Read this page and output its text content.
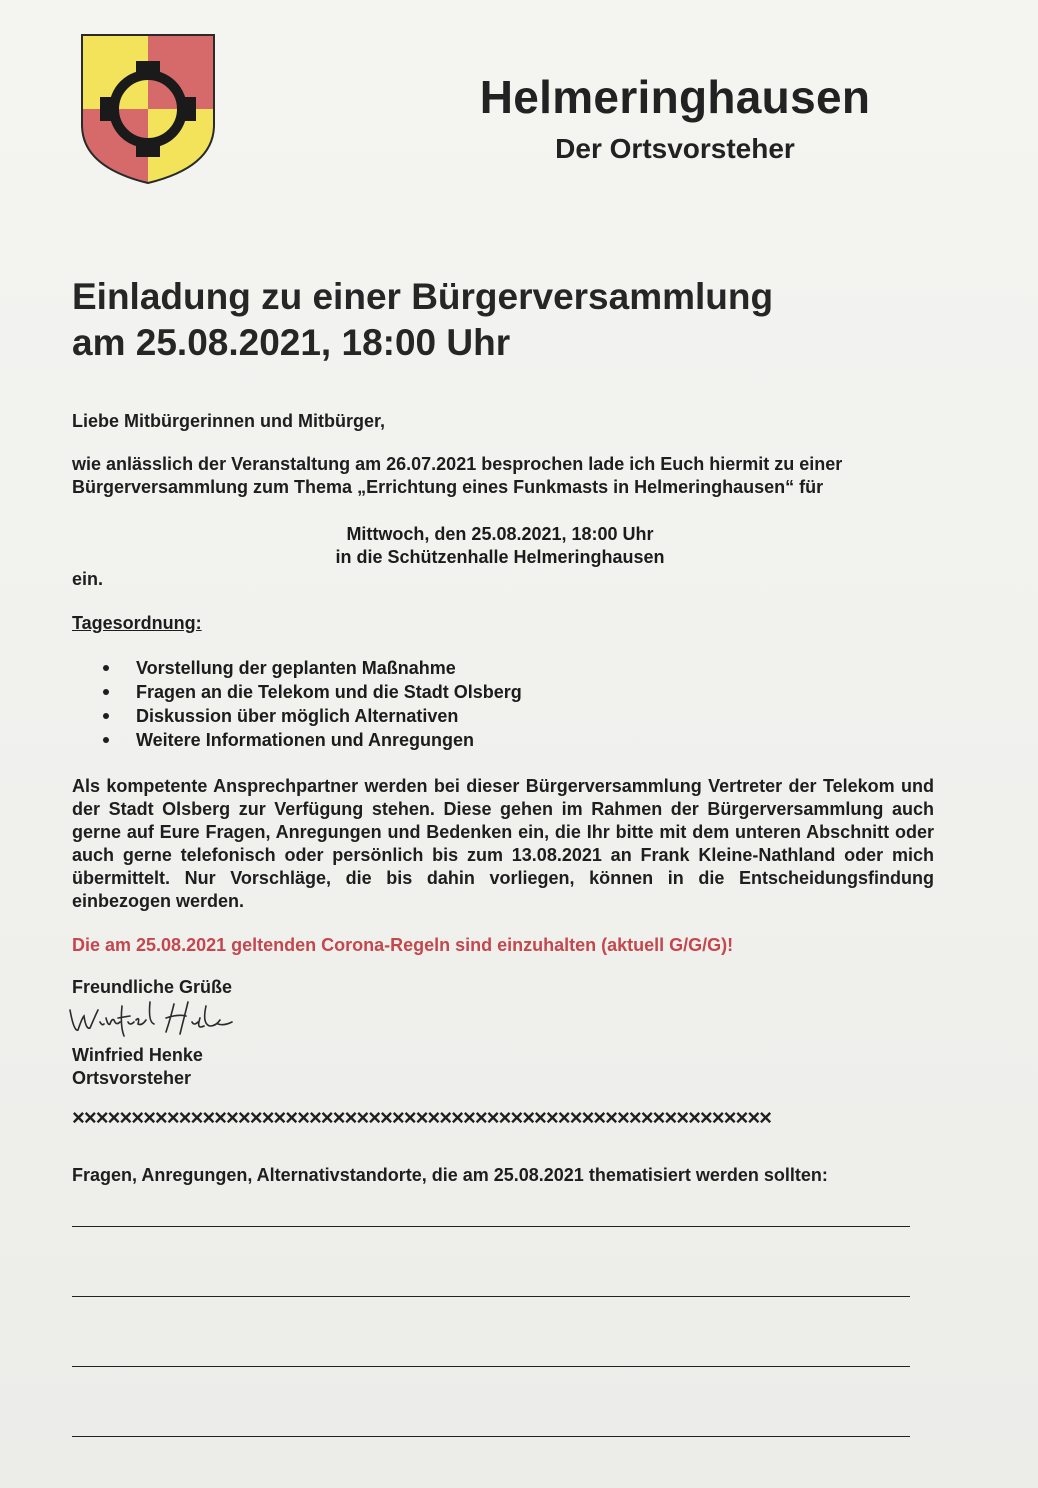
Helmeringhausen
Der Ortsvorsteher
Einladung zu einer Bürgerversammlung
am 25.08.2021, 18:00 Uhr
Liebe Mitbürgerinnen und Mitbürger,
wie anlässlich der Veranstaltung am 26.07.2021 besprochen lade ich Euch hiermit zu einer Bürgerversammlung zum Thema „Errichtung eines Funkmasts in Helmeringhausen“ für
Mittwoch, den 25.08.2021, 18:00 Uhr
in die Schützenhalle Helmeringhausen
ein.
Tagesordnung:
Vorstellung der geplanten Maßnahme
Fragen an die Telekom und die Stadt Olsberg
Diskussion über möglich Alternativen
Weitere Informationen und Anregungen
Als kompetente Ansprechpartner werden bei dieser Bürgerversammlung Vertreter der Telekom und der Stadt Olsberg zur Verfügung stehen. Diese gehen im Rahmen der Bürgerversammlung auch gerne auf Eure Fragen, Anregungen und Bedenken ein, die Ihr bitte mit dem unteren Abschnitt oder auch gerne telefonisch oder persönlich bis zum 13.08.2021 an Frank Kleine-Nathland oder mich übermittelt. Nur Vorschläge, die bis dahin vorliegen, können in die Entscheidungsfindung einbezogen werden.
Die am 25.08.2021 geltenden Corona-Regeln sind einzuhalten (aktuell G/G/G)!
Freundliche Grüße
Winfried Henke
Ortsvorsteher
×××××××××××××××××××××××××××××××××××××××××××××××××××××××××××
Fragen, Anregungen, Alternativstandorte, die am 25.08.2021 thematisiert werden sollten:
